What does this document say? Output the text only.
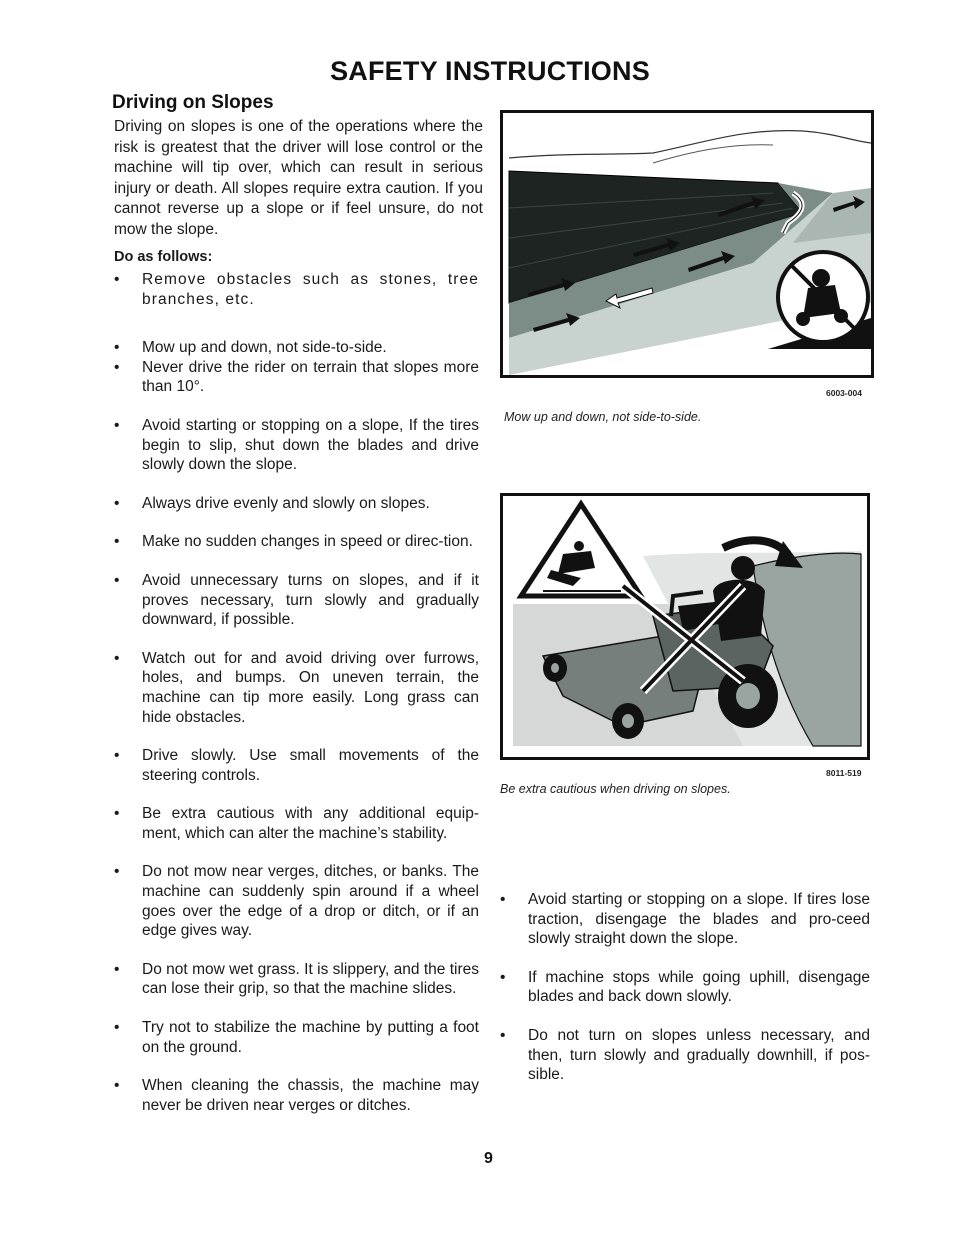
SAFETY INSTRUCTIONS
Driving on Slopes
Driving on slopes is one of the operations where the risk is greatest that the driver will lose control or the machine will tip over, which can result in serious injury or death. All slopes require extra caution. If you cannot reverse up a slope or if feel unsure, do not mow the slope.
Do as follows:
• Remove obstacles such as stones, tree branches, etc.
• Mow up and down, not side-to-side.
• Never drive the rider on terrain that slopes more than 10°.
• Avoid starting or stopping on a slope, If the tires begin to slip, shut down the blades and drive slowly down the slope.
• Always drive evenly and slowly on slopes.
• Make no sudden changes in speed or direc-tion.
• Avoid unnecessary turns on slopes, and if it proves necessary, turn slowly and gradually downward, if possible.
• Watch out for and avoid driving over furrows, holes, and bumps. On uneven terrain, the machine can tip more easily. Long grass can hide obstacles.
• Drive slowly. Use small movements of the steering controls.
• Be extra cautious with any additional equip-ment, which can alter the machine’s stability.
• Do not mow near verges, ditches, or banks. The machine can suddenly spin around if a wheel goes over the edge of a drop or ditch, or if an edge gives way.
• Do not mow wet grass. It is slippery, and the tires can lose their grip, so that the machine slides.
• Try not to stabilize the machine by putting a foot on the ground.
• When cleaning the chassis, the machine may never be driven near verges or ditches.
6003-004
Mow up and down, not side-to-side.
8011-519
Be extra cautious when driving on slopes.
• Avoid starting or stopping on a slope. If tires lose traction, disengage the blades and pro-ceed slowly straight down the slope.
• If machine stops while going uphill, disengage blades and back down slowly.
• Do not turn on slopes unless necessary, and then, turn slowly and gradually downhill, if pos-sible.
9
